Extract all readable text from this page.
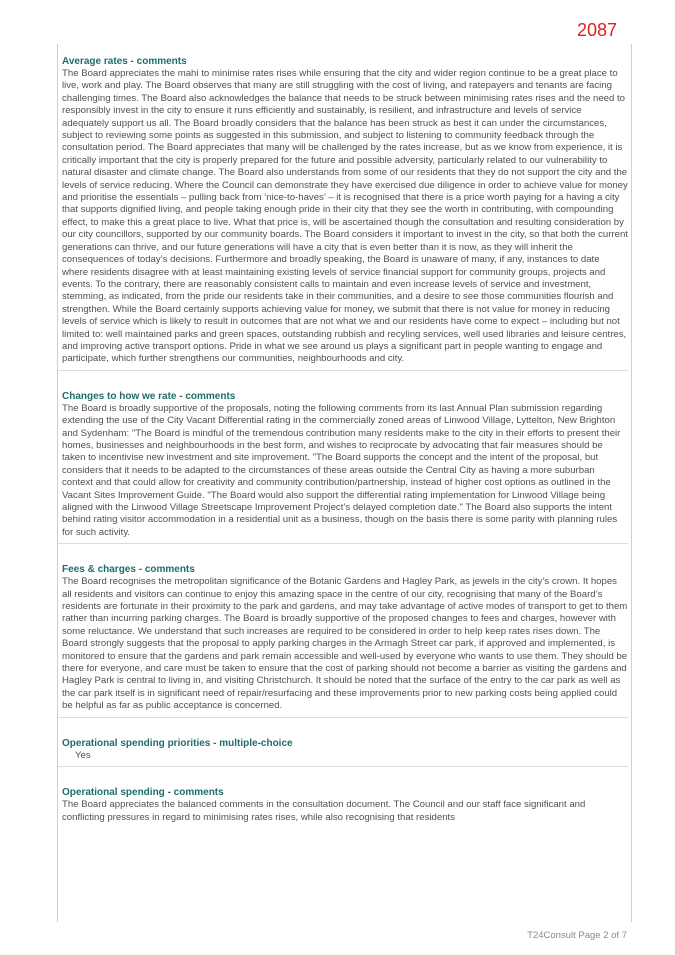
2087
Average rates - comments

The Board appreciates the mahi to minimise rates rises while ensuring that the city and wider region continue to be a great place to live, work and play. The Board observes that many are still struggling with the cost of living, and ratepayers and tenants are facing challenging times. The Board also acknowledges the balance that needs to be struck between minimising rates rises and the need to responsibly invest in the city to ensure it runs efficiently and sustainably, is resilient, and infrastructure and levels of service adequately support us all. The Board broadly considers that the balance has been struck as best it can under the circumstances, subject to reviewing some points as suggested in this submission, and subject to listening to community feedback through the consultation period. The Board appreciates that many will be challenged by the rates increase, but as we know from experience, it is critically important that the city is properly prepared for the future and possible adversity, particularly related to our vulnerability to natural disaster and climate change. The Board also understands from some of our residents that they do not support the city and the levels of service reducing. Where the Council can demonstrate they have exercised due diligence in order to achieve value for money and prioritise the essentials – pulling back from ‘nice-to-haves’ – it is recognised that there is a price worth paying for a having a city that supports dignified living, and people taking enough pride in their city that they see the worth in contributing, with compounding effect, to make this a great place to live. What that price is, will be ascertained though the consultation and resulting consideration by our city councillors, supported by our community boards. The Board considers it important to invest in the city, so that both the current generations can thrive, and our future generations will have a city that is even better than it is now, as they will inherit the consequences of today’s decisions. Furthermore and broadly speaking, the Board is unaware of many, if any, instances to date where residents disagree with at least maintaining existing levels of service financial support for community groups, projects and events. To the contrary, there are reasonably consistent calls to maintain and even increase levels of service and investment, stemming, as indicated, from the pride our residents take in their communities, and a desire to see those communities flourish and strengthen. While the Board certainly supports achieving value for money, we submit that there is not value for money in reducing levels of service which is likely to result in outcomes that are not what we and our residents have come to expect – including but not limited to: well maintained parks and green spaces, outstanding rubbish and recyling services, well used libraries and leisure centres, and improving active transport options. Pride in what we see around us plays a significant part in people wanting to engage and participate, which further strengthens our communities, neighbourhoods and city.

Changes to how we rate - comments

The Board is broadly supportive of the proposals, noting the following comments from its last Annual Plan submission regarding extending the use of the City Vacant Differential rating in the commercially zoned areas of Linwood Village, Lyttelton, New Brighton and Sydenham: "The Board is mindful of the tremendous contribution many residents make to the city in their efforts to present their homes, businesses and neighbourhoods in the best form, and wishes to reciprocate by advocating that fair measures should be taken to incentivise new investment and site improvement. "The Board supports the concept and the intent of the proposal, but considers that it needs to be adapted to the circumstances of these areas outside the Central City as having a more suburban context and that could allow for creativity and community contribution/partnership, instead of higher cost options as outlined in the Vacant Sites Improvement Guide. "The Board would also support the differential rating implementation for Linwood Village being aligned with the Linwood Village Streetscape Improvement Project’s delayed completion date." The Board also supports the intent behind rating visitor accommodation in a residential unit as a business, though on the basis there is some parity with planning rules for such activity.

Fees & charges - comments

The Board recognises the metropolitan significance of the Botanic Gardens and Hagley Park, as jewels in the city’s crown. It hopes all residents and visitors can continue to enjoy this amazing space in the centre of our city, recognising that many of the Board’s residents are fortunate in their proximity to the park and gardens, and may take advantage of active modes of transport to get to them rather than incurring parking charges. The Board is broadly supportive of the proposed changes to fees and charges, however with some reluctance. We understand that such increases are required to be considered in order to help keep rates rises down. The Board strongly suggests that the proposal to apply parking charges in the Armagh Street car park, if approved and implemented, is monitored to ensure that the gardens and park remain accessible and well-used by everyone who wants to use them. They should be there for everyone, and care must be taken to ensure that the cost of parking should not become a barrier as visiting the gardens and Hagley Park is central to living in, and visiting Christchurch. It should be noted that the surface of the entry to the car park as well as the car park itself is in significant need of repair/resurfacing and these improvements prior to new parking costs being applied could be helpful as far as public acceptance is concerned.

Operational spending priorities - multiple-choice

Yes

Operational spending - comments

The Board appreciates the balanced comments in the consultation document. The Council and our staff face significant and conflicting pressures in regard to minimising rates rises, while also recognising that residents

T24Consult Page 2 of 7
